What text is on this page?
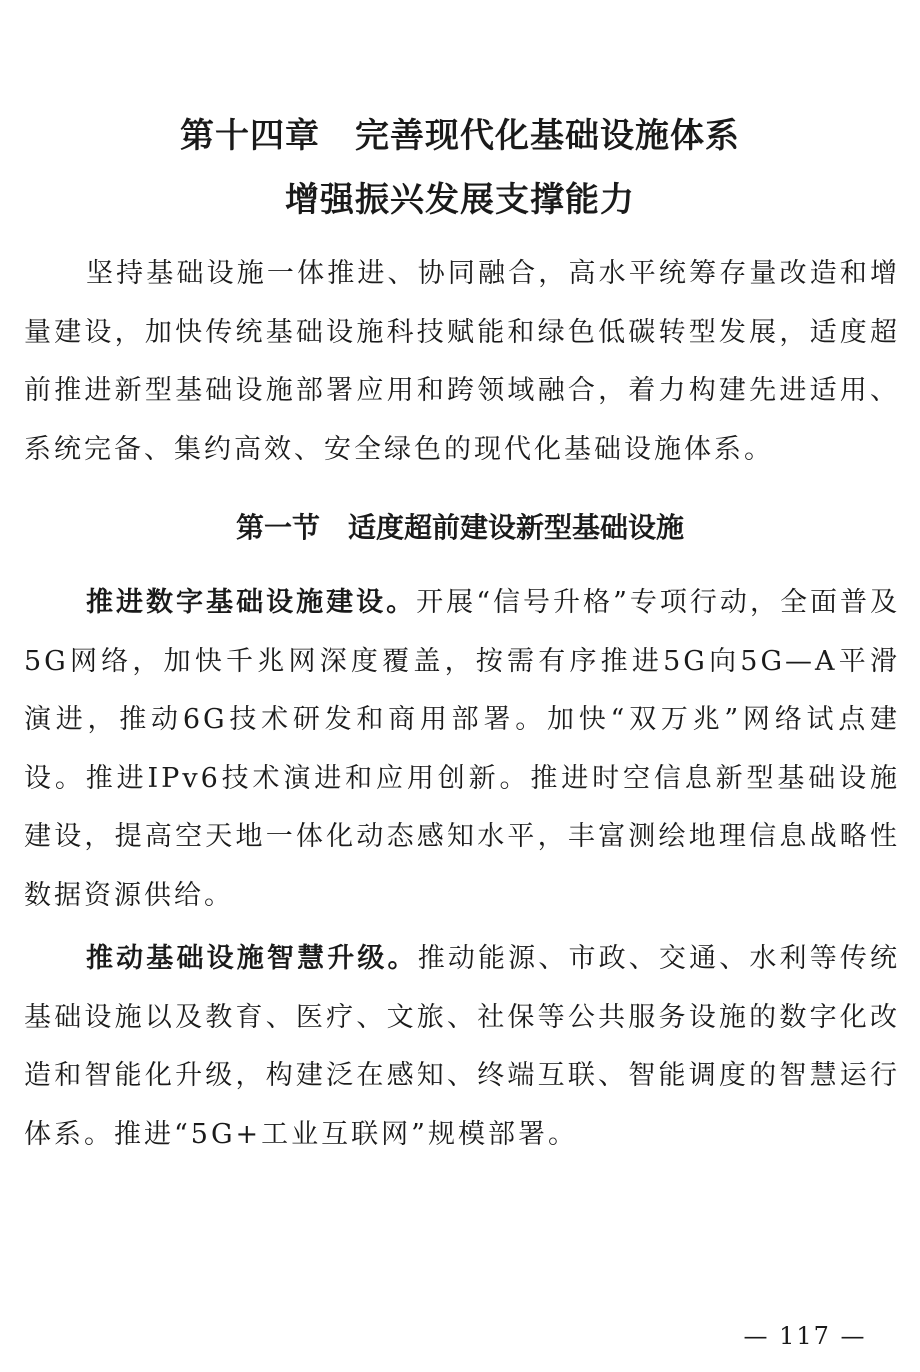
第十四章　完善现代化基础设施体系
增强振兴发展支撑能力

坚持基础设施一体推进、协同融合，高水平统筹存量改造和增量建设，加快传统基础设施科技赋能和绿色低碳转型发展，适度超前推进新型基础设施部署应用和跨领域融合，着力构建先进适用、系统完备、集约高效、安全绿色的现代化基础设施体系。

第一节　适度超前建设新型基础设施

推进数字基础设施建设。开展“信号升格”专项行动，全面普及5G网络，加快千兆网深度覆盖，按需有序推进5G向5G—A平滑演进，推动6G技术研发和商用部署。加快“双万兆”网络试点建设。推进IPv6技术演进和应用创新。推进时空信息新型基础设施建设，提高空天地一体化动态感知水平，丰富测绘地理信息战略性数据资源供给。

推动基础设施智慧升级。推动能源、市政、交通、水利等传统基础设施以及教育、医疗、文旅、社保等公共服务设施的数字化改造和智能化升级，构建泛在感知、终端互联、智能调度的智慧运行体系。推进“5G+工业互联网”规模部署。

— 117 —
